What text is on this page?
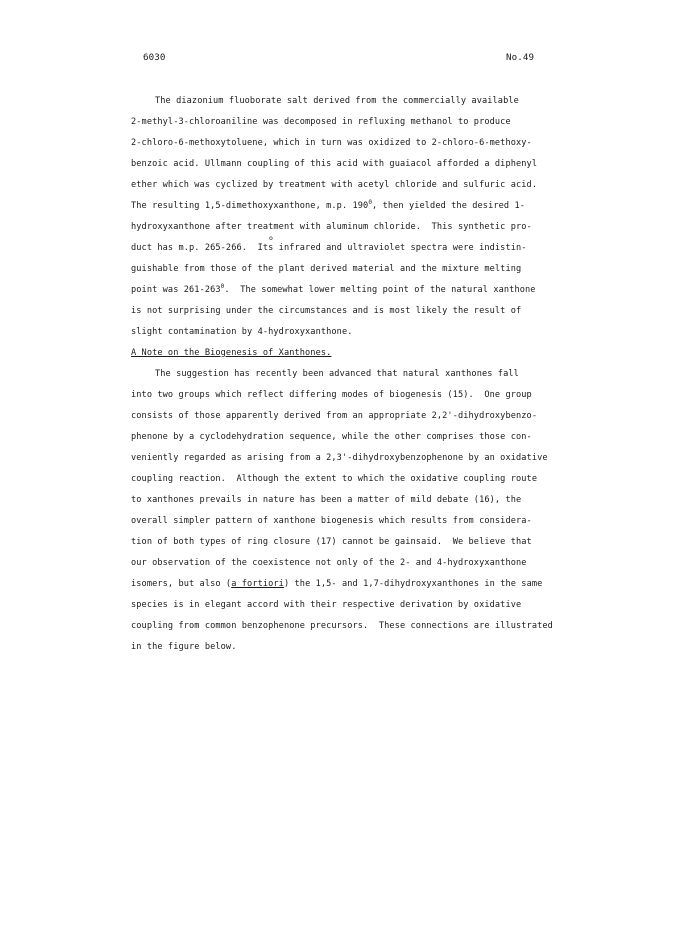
6030	No.49
The diazonium fluoborate salt derived from the commercially available
2-methyl-3-chloroaniline was decomposed in refluxing methanol to produce
2-chloro-6-methoxytoluene, which in turn was oxidized to 2-chloro-6-methoxy-
benzoic acid. Ullmann coupling of this acid with guaiacol afforded a diphenyl
ether which was cyclized by treatment with acetyl chloride and sulfuric acid.
The resulting 1,5-dimethoxyxanthone, m.p. $190^0$, then yielded the desired 1-
hydroxyxanthone after treatment with aluminum chloride.  This synthetic pro-
o
duct has m.p. 265-266.  Its infrared and ultraviolet spectra were indistin-
guishable from those of the plant derived material and the mixture melting
point was $261-263^0$.  The somewhat lower melting point of the natural xanthone
is not surprising under the circumstances and is most likely the result of
slight contamination by 4-hydroxyxanthone.
A Note on the Biogenesis of Xanthones.
The suggestion has recently been advanced that natural xanthones fall
into two groups which reflect differing modes of biogenesis (15).  One group
consists of those apparently derived from an appropriate 2,2'-dihydroxybenzo-
phenone by a cyclodehydration sequence, while the other comprises those con-
veniently regarded as arising from a 2,3'-dihydroxybenzophenone by an oxidative
coupling reaction.  Although the extent to which the oxidative coupling route
to xanthones prevails in nature has been a matter of mild debate (16), the
overall simpler pattern of xanthone biogenesis which results from considera-
tion of both types of ring closure (17) cannot be gainsaid.  We believe that
our observation of the coexistence not only of the 2- and 4-hydroxyxanthone
isomers, but also (a fortiori) the 1,5- and 1,7-dihydroxyxanthones in the same
species is in elegant accord with their respective derivation by oxidative
coupling from common benzophenone precursors.  These connections are illustrated
in the figure below.
